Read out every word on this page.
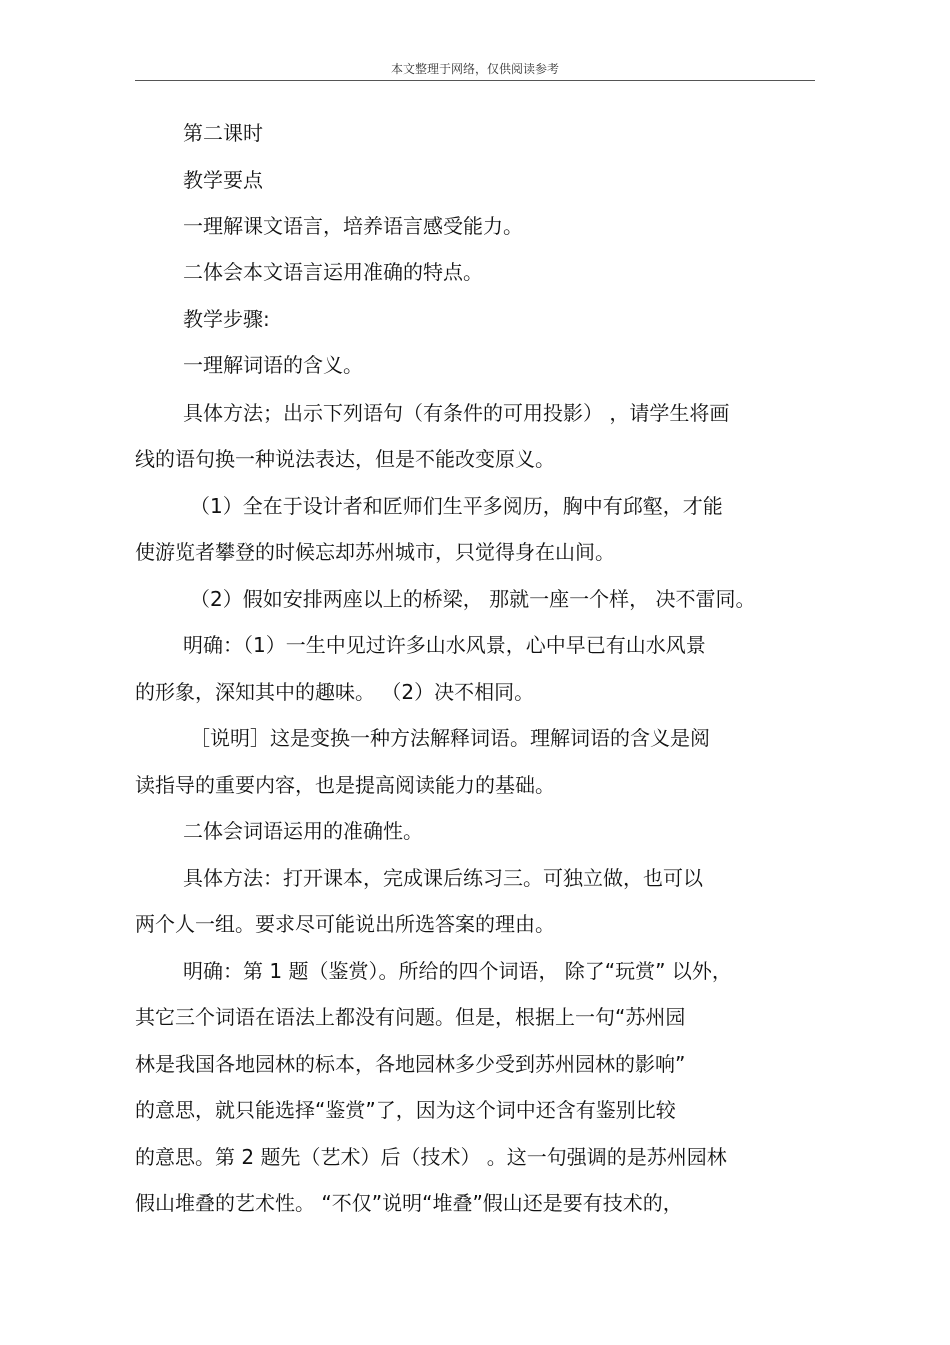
本文整理于网络，仅供阅读参考
第二课时
教学要点
一理解课文语言，培养语言感受能力。
二体会本文语言运用准确的特点。
教学步骤:
一理解词语的含义。
具体方法；出示下列语句（有条件的可用投影） ，请学生将画
线的语句换一种说法表达，但是不能改变原义。
（1）全在于设计者和匠师们生平多阅历，胸中有邱壑，才能
使游览者攀登的时候忘却苏州城市，只觉得身在山间。
（2）假如安排两座以上的桥梁， 那就一座一个样， 决不雷同。
明确：（1）一生中见过许多山水风景，心中早已有山水风景
的形象，深知其中的趣味。 （2）决不相同。
［说明］这是变换一种方法解释词语。理解词语的含义是阅
读指导的重要内容，也是提高阅读能力的基础。
二体会词语运用的准确性。
具体方法：打开课本，完成课后练习三。可独立做，也可以
两个人一组。要求尽可能说出所选答案的理由。
明确：第 1 题（鉴赏）。所给的四个词语， 除了“玩赏” 以外，
其它三个词语在语法上都没有问题。但是，根据上一句“苏州园
林是我国各地园林的标本，各地园林多少受到苏州园林的影响”
的意思，就只能选择“鉴赏”了，因为这个词中还含有鉴别比较
的意思。第 2 题先（艺术）后（技术） 。这一句强调的是苏州园林
假山堆叠的艺术性。 “不仅”说明“堆叠”假山还是要有技术的，
